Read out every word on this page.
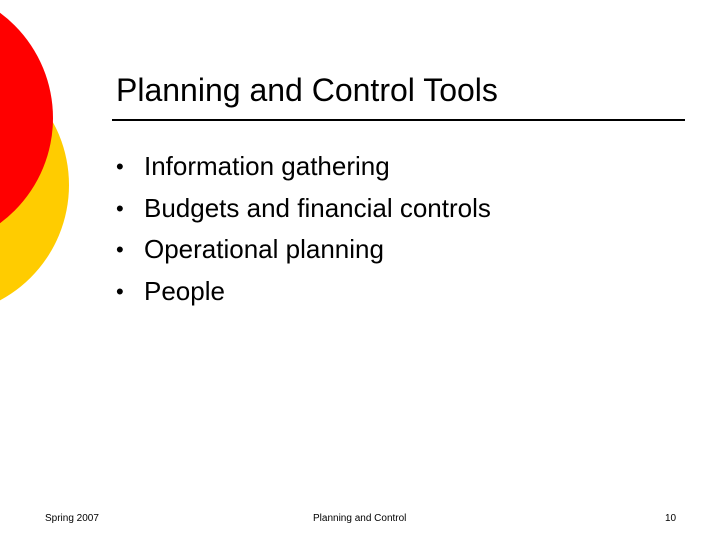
Planning and Control Tools
• Information gathering
• Budgets and financial controls
• Operational planning
• People
Spring 2007	Planning and Control	10
